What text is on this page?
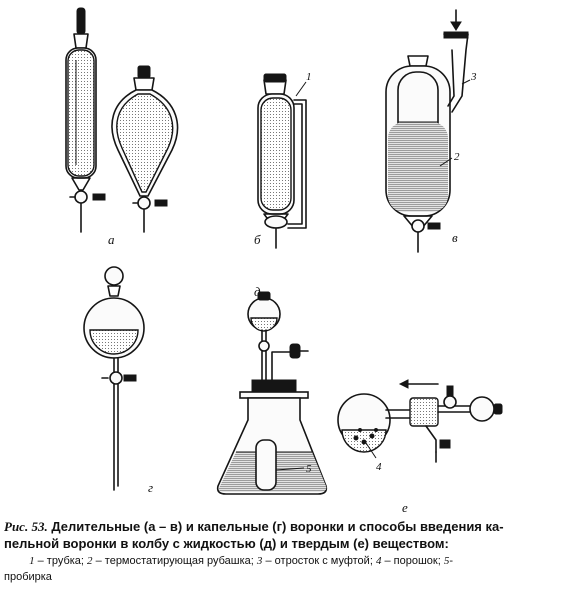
а	б	в
г
д
е
1
2
3
4
5
Рис. 53. Делительные (а – в) и капельные (г) воронки и способы введения ка-
пельной воронки в колбу с жидкостью (д) и твердым (е) веществом:
1 – трубка; 2 – термостатирующая рубашка; 3 – отросток с муфтой; 4 – порошок; 5-
пробирка
